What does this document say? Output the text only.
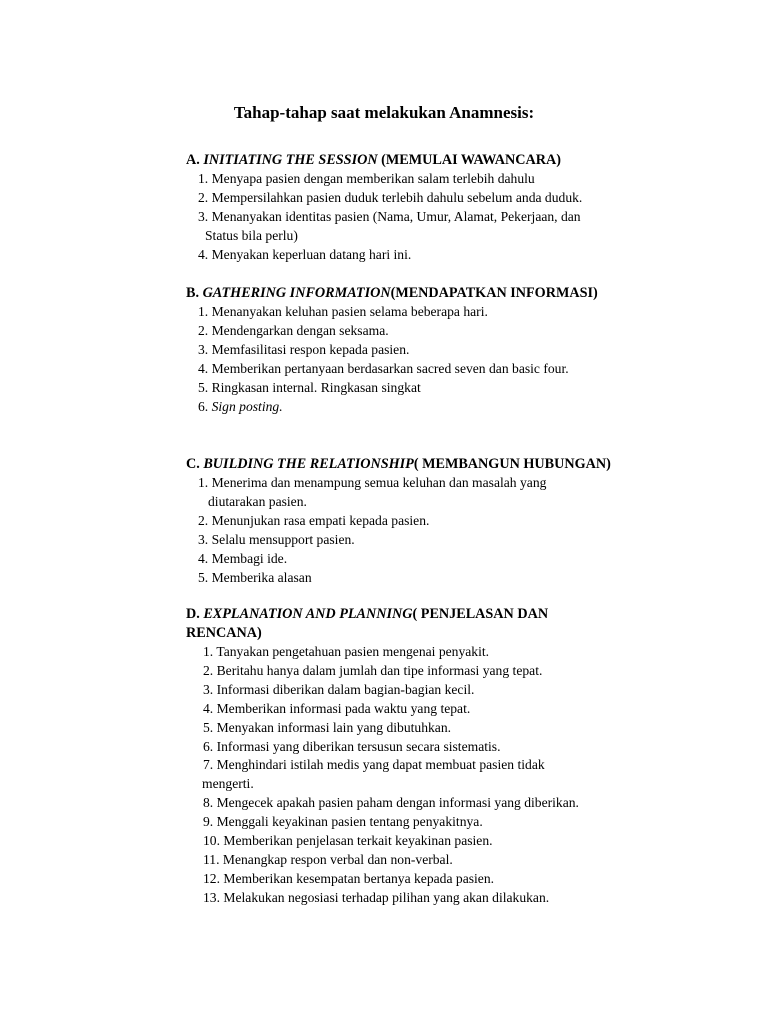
Tahap-tahap saat melakukan Anamnesis:

A. INITIATING THE SESSION (MEMULAI WAWANCARA)

1. Menyapa pasien dengan memberikan salam terlebih dahulu
2. Mempersilahkan pasien duduk terlebih dahulu sebelum anda duduk.
3. Menanyakan identitas pasien (Nama, Umur, Alamat, Pekerjaan, dan
Status bila perlu)
4. Menyakan keperluan datang hari ini.

B. GATHERING INFORMATION(MENDAPATKAN INFORMASI)

1. Menanyakan keluhan pasien selama beberapa hari.
2. Mendengarkan dengan seksama.
3. Memfasilitasi respon kepada pasien.
4. Memberikan pertanyaan berdasarkan sacred seven dan basic four.
5. Ringkasan internal. Ringkasan singkat
6. Sign posting.

C. BUILDING THE RELATIONSHIP( MEMBANGUN HUBUNGAN)

1. Menerima dan menampung semua keluhan dan masalah yang
diutarakan pasien.
2. Menunjukan rasa empati kepada pasien.
3. Selalu mensupport pasien.
4. Membagi ide.
5. Memberika alasan

D. EXPLANATION AND PLANNING( PENJELASAN DAN
RENCANA)

1. Tanyakan pengetahuan pasien mengenai penyakit.
2. Beritahu hanya dalam jumlah dan tipe informasi yang tepat.
3. Informasi diberikan dalam bagian-bagian kecil.
4. Memberikan informasi pada waktu yang tepat.
5. Menyakan informasi lain yang dibutuhkan.
6. Informasi yang diberikan tersusun secara sistematis.
7. Menghindari istilah medis yang dapat membuat pasien tidak
mengerti.
8. Mengecek apakah pasien paham dengan informasi yang diberikan.
9. Menggali keyakinan pasien tentang penyakitnya.
10. Memberikan penjelasan terkait keyakinan pasien.
11. Menangkap respon verbal dan non-verbal.
12. Memberikan kesempatan bertanya kepada pasien.
13. Melakukan negosiasi terhadap pilihan yang akan dilakukan.
